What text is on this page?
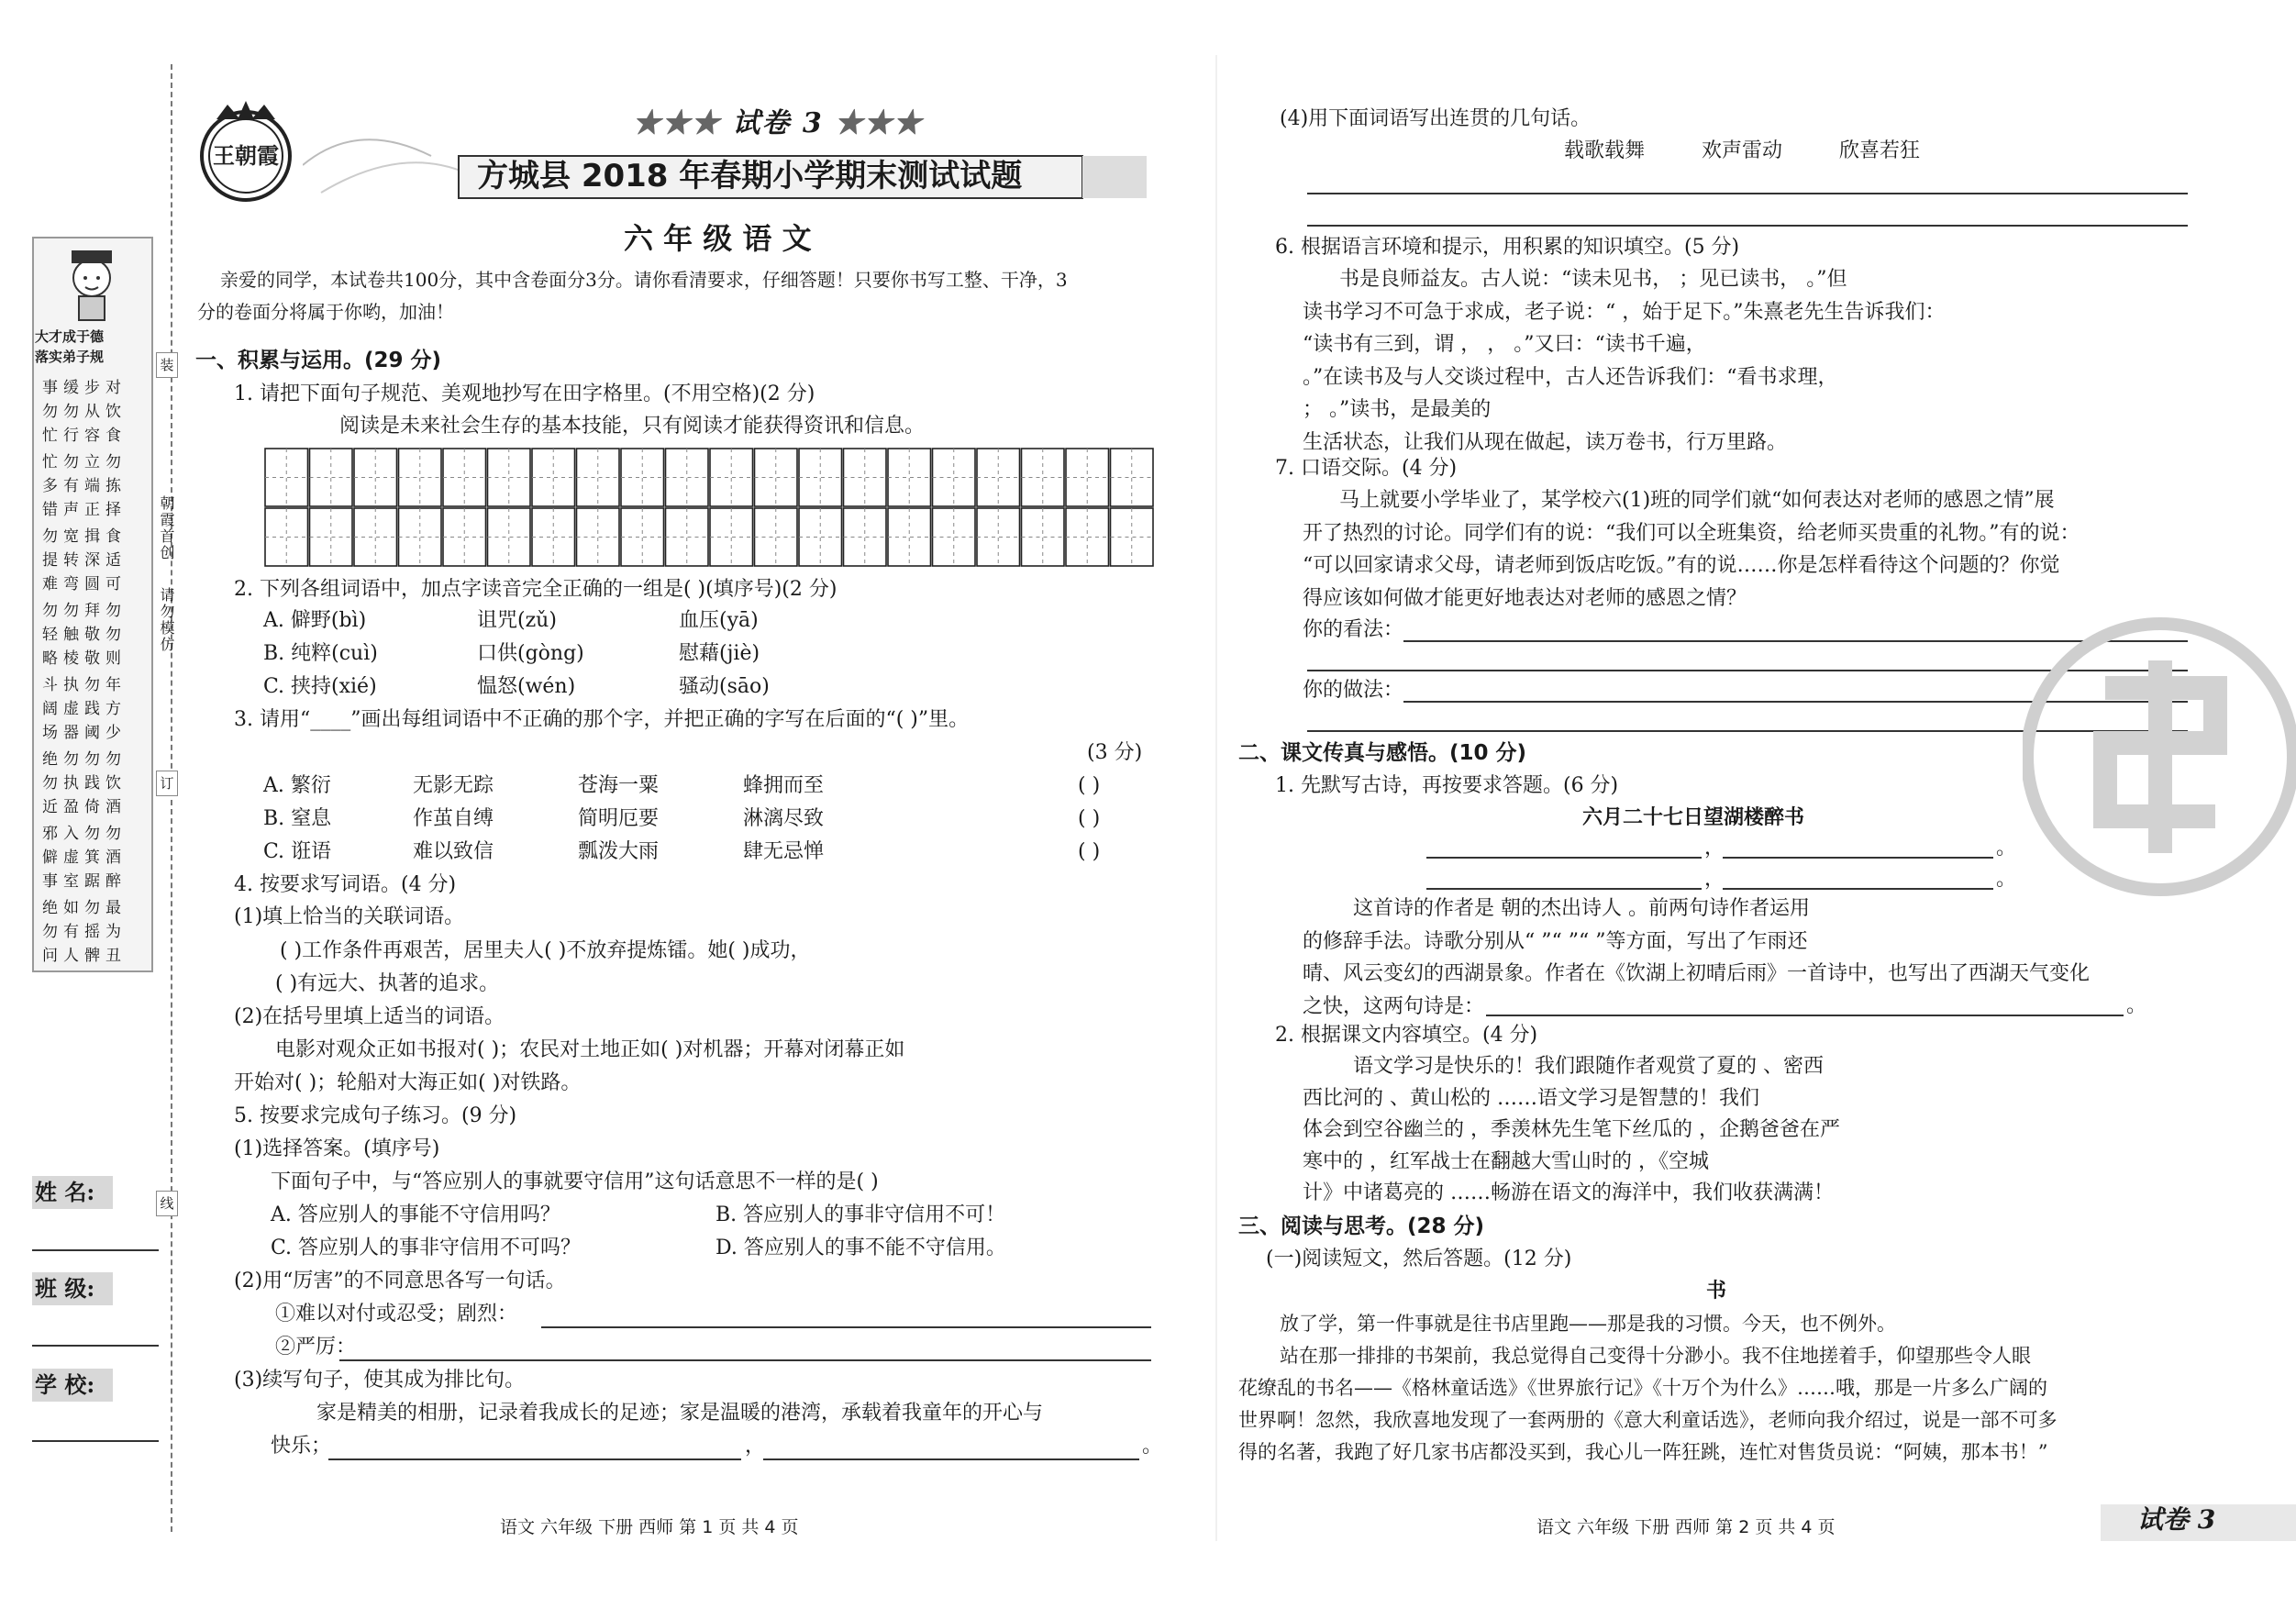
大才成于德
落实弟子规
朝霞首创
请勿模仿
装
订
线
姓 名:
班 级:
学 校:
王朝霞
★★★ 试卷 3 ★★★
方城县 2018 年春期小学期末测试试题
六 年 级 语 文
亲爱的同学，本试卷共100分，其中含卷面分3分。请你看清要求，仔细答题！只要你书写工整、干净，3
分的卷面分将属于你哟，加油！
一、积累与运用。(29 分)
1. 请把下面句子规范、美观地抄写在田字格里。(不用空格)(2 分)
阅读是未来社会生存的基本技能，只有阅读才能获得资讯和信息。
2. 下列各组词语中，加点字读音完全正确的一组是( )(填序号)(2 分)
A. 僻野(bì)	诅咒(zǔ)	血压(yā)
B. 纯粹(cuì)	口供(gòng)	慰藉(jiè)
C. 挟持(xié)	愠怒(wén)	骚动(sāo)
3. 请用“____”画出每组词语中不正确的那个字，并把正确的字写在后面的“( )”里。
(3 分)
4. 按要求写词语。(4 分)
(1)填上恰当的关联词语。
( )工作条件再艰苦，居里夫人( )不放弃提炼镭。她( )成功，
( )有远大、执著的追求。
(2)在括号里填上适当的词语。
电影对观众正如书报对( )；农民对土地正如( )对机器；开幕对闭幕正如
开始对( )；轮船对大海正如( )对铁路。
5. 按要求完成句子练习。(9 分)
(1)选择答案。(填序号)
下面句子中，与“答应别人的事就要守信用”这句话意思不一样的是( )
A. 答应别人的事能不守信用吗？	B. 答应别人的事非守信用不可！
C. 答应别人的事非守信用不可吗？	D. 答应别人的事不能不守信用。
(2)用“厉害”的不同意思各写一句话。
①难以对付或忍受；剧烈：
②严厉：
(3)续写句子，使其成为排比句。
家是精美的相册，记录着我成长的足迹；家是温暖的港湾，承载着我童年的开心与
快乐；	，	。
语文 六年级 下册 西师 第 1 页 共 4 页
(4)用下面词语写出连贯的几句话。
载歌载舞	欢声雷动	欣喜若狂
6. 根据语言环境和提示，用积累的知识填空。(5 分)
7. 口语交际。(4 分)
你的看法：
你的做法：
二、课文传真与感悟。(10 分)
1. 先默写古诗，再按要求答题。(6 分)
六月二十七日望湖楼醉书
，	。
，	。
。
2. 根据课文内容填空。(4 分)
三、阅读与思考。(28 分)
(一)阅读短文，然后答题。(12 分)
书
语文 六年级 下册 西师 第 2 页 共 4 页	试卷 3
事缓步对
勿勿从饮
忙行容食
忙勿立勿
多有端拣
错声正择
勿宽揖食
提转深适
难弯圆可
勿勿拜勿
轻触敬勿
略棱敬则
斗执勿年
阔虚践方
场器阈少
绝勿勿勿
勿执践饮
近盈倚酒
邪入勿勿
僻虚箕酒
事室踞醉
绝如勿最
勿有摇为
问人髀丑
A. 繁衍	无影无踪	苍海一粟	蜂拥而至	( )
B. 窒息	作茧自缚	简明厄要	淋漓尽致	( )
C. 诳语	难以致信	瓢泼大雨	肆无忌惮	( )
书是良师益友。古人说：“读未见书， ；见已读书， 。”但
读书学习不可急于求成，老子说：“ ，始于足下。”朱熹老先生告诉我们：
“读书有三到，谓 ， ， 。”又曰：“读书千遍，
。”在读书及与人交谈过程中，古人还告诉我们：“看书求理，
； 。”读书，是最美的
生活状态，让我们从现在做起，读万卷书，行万里路。
马上就要小学毕业了，某学校六(1)班的同学们就“如何表达对老师的感恩之情”展
开了热烈的讨论。同学们有的说：“我们可以全班集资，给老师买贵重的礼物。”有的说：
“可以回家请求父母，请老师到饭店吃饭。”有的说……你是怎样看待这个问题的？你觉
得应该如何做才能更好地表达对老师的感恩之情？
这首诗的作者是 朝的杰出诗人 。前两句诗作者运用
的修辞手法。诗歌分别从“ ”“ ”“ ”等方面，写出了乍雨还
晴、风云变幻的西湖景象。作者在《饮湖上初晴后雨》一首诗中，也写出了西湖天气变化
之快，这两句诗是：
语文学习是快乐的！我们跟随作者观赏了夏的 、密西
西比河的 、黄山松的 ……语文学习是智慧的！我们
体会到空谷幽兰的 ，季羡林先生笔下丝瓜的 ，企鹅爸爸在严
寒中的 ，红军战士在翻越大雪山时的 ，《空城
计》中诸葛亮的 ……畅游在语文的海洋中，我们收获满满！
放了学，第一件事就是往书店里跑——那是我的习惯。今天，也不例外。
站在那一排排的书架前，我总觉得自己变得十分渺小。我不住地搓着手，仰望那些令人眼
花缭乱的书名——《格林童话选》《世界旅行记》《十万个为什么》……哦，那是一片多么广阔的
世界啊！忽然，我欣喜地发现了一套两册的《意大利童话选》，老师向我介绍过，说是一部不可多
得的名著，我跑了好几家书店都没买到，我心儿一阵狂跳，连忙对售货员说：“阿姨，那本书！”
